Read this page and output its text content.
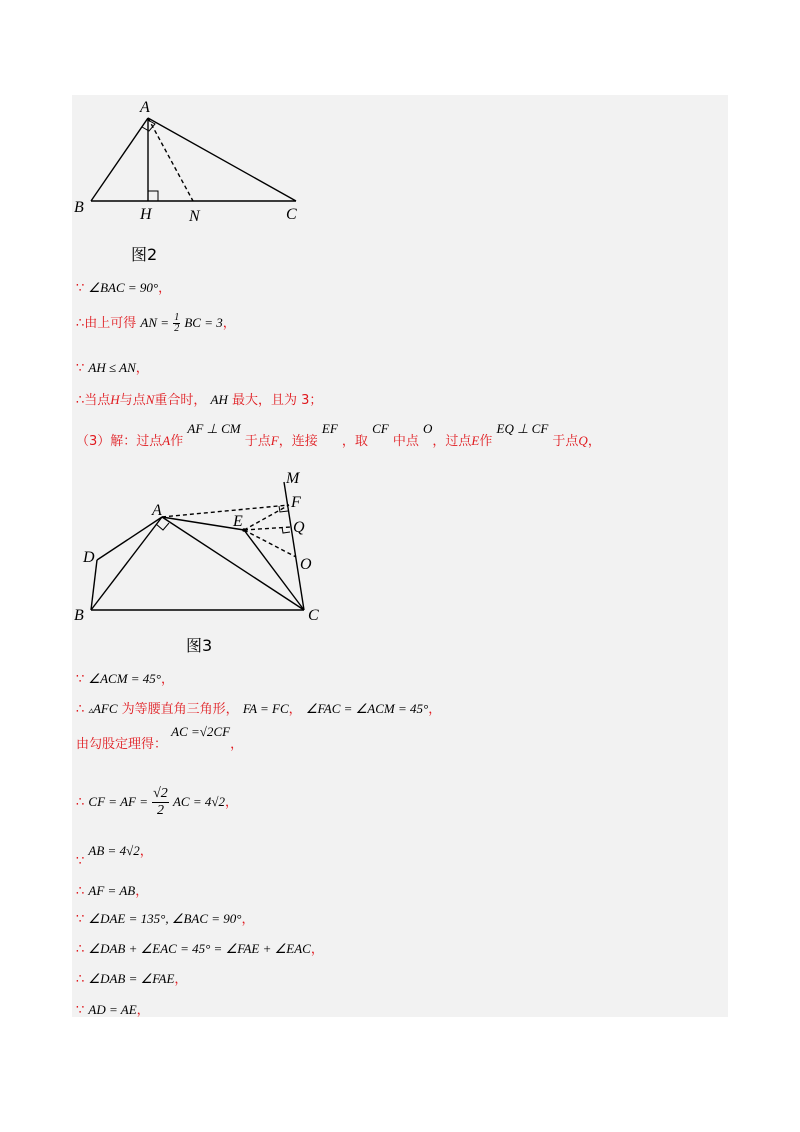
A
B	H N	C
图2
∵ ∠BAC = 90°，
∴由上可得 AN = $\frac{1}{2}$ BC = 3，
∵ AH ≤ AN，
∴当点H与点N重合时， AH 最大，且为 3；
（3）解：过点A作 AF ⊥ CM 于点F，连接 EF ，取 CF 中点 O，过点E作 EQ ⊥ CF 于点Q，
M
F
A
E	Q
D	O
B	C
图3
∵ ∠ACM = 45°，
∴ ▵AFC 为等腰直角三角形， FA = FC， ∠FAC = ∠ACM = 45°，
由勾股定理得： AC =√2CF，
∴ CF = AF = $\frac{√2}{2}$ AC = 4√2，
∵ AB = 4√2，
∴ AF = AB，
∵ ∠DAE = 135°, ∠BAC = 90°，
∴ ∠DAB + ∠EAC = 45° = ∠FAE + ∠EAC，
∴ ∠DAB = ∠FAE，
∵ AD = AE，
